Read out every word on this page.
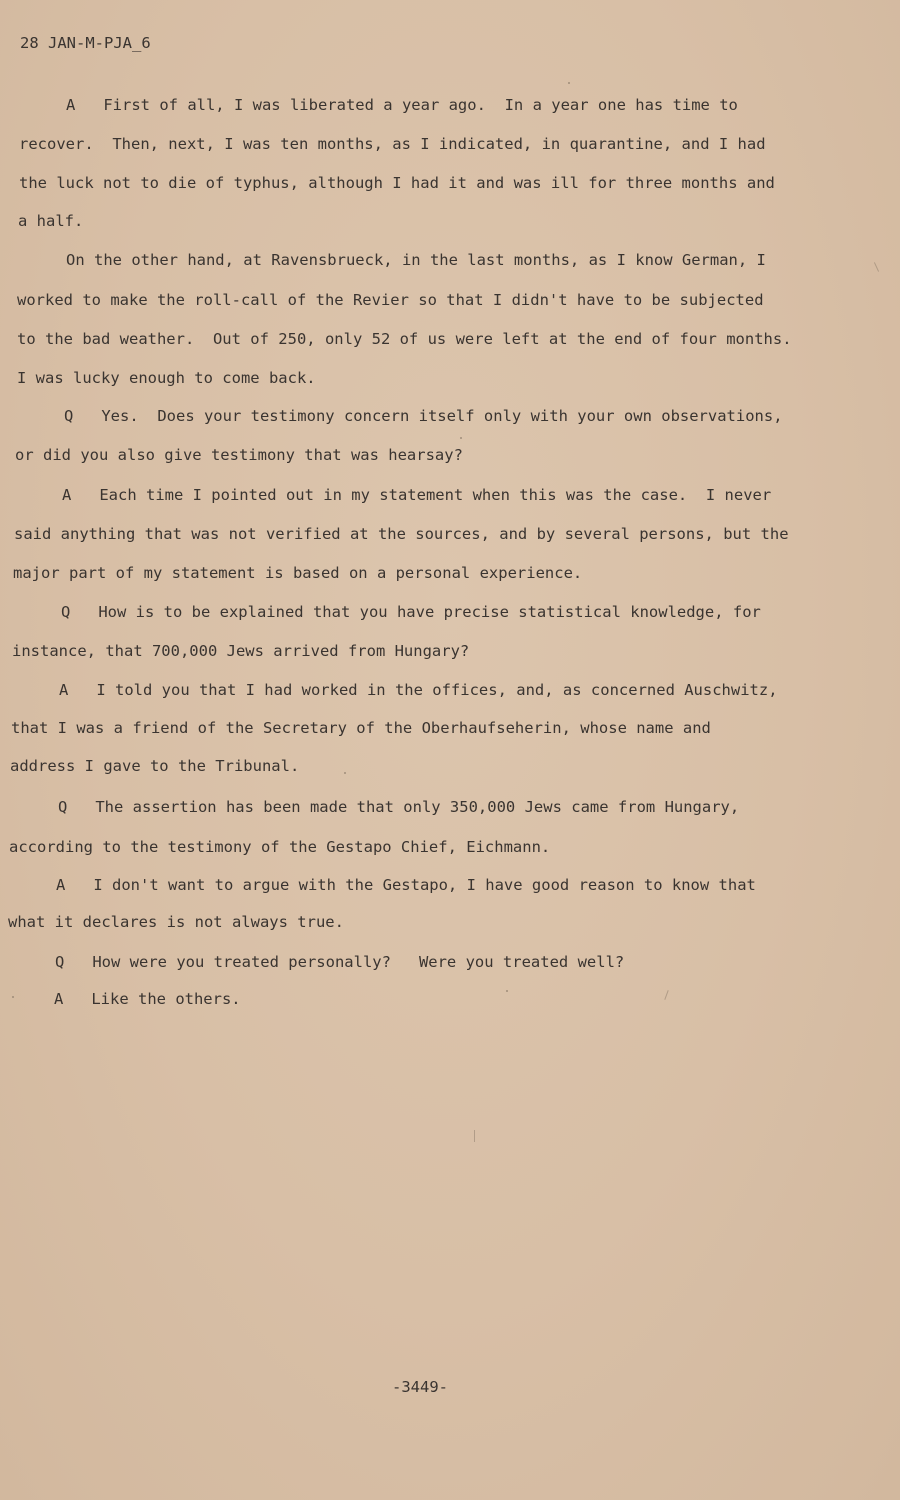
28 JAN-M-PJA_6
A   First of all, I was liberated a year ago.  In a year one has time to
recover.  Then, next, I was ten months, as I indicated, in quarantine, and I had
the luck not to die of typhus, although I had it and was ill for three months and
a half.
On the other hand, at Ravensbrueck, in the last months, as I know German, I
worked to make the roll-call of the Revier so that I didn't have to be subjected
to the bad weather.  Out of 250, only 52 of us were left at the end of four months.
I was lucky enough to come back.
Q   Yes.  Does your testimony concern itself only with your own observations,
or did you also give testimony that was hearsay?
A   Each time I pointed out in my statement when this was the case.  I never
said anything that was not verified at the sources, and by several persons, but the
major part of my statement is based on a personal experience.
Q   How is to be explained that you have precise statistical knowledge, for
instance, that 700,000 Jews arrived from Hungary?
A   I told you that I had worked in the offices, and, as concerned Auschwitz,
that I was a friend of the Secretary of the Oberhaufseherin, whose name and
address I gave to the Tribunal.
Q   The assertion has been made that only 350,000 Jews came from Hungary,
according to the testimony of the Gestapo Chief, Eichmann.
A   I don't want to argue with the Gestapo, I have good reason to know that
what it declares is not always true.
Q   How were you treated personally?   Were you treated well?
A   Like the others.
-3449-
